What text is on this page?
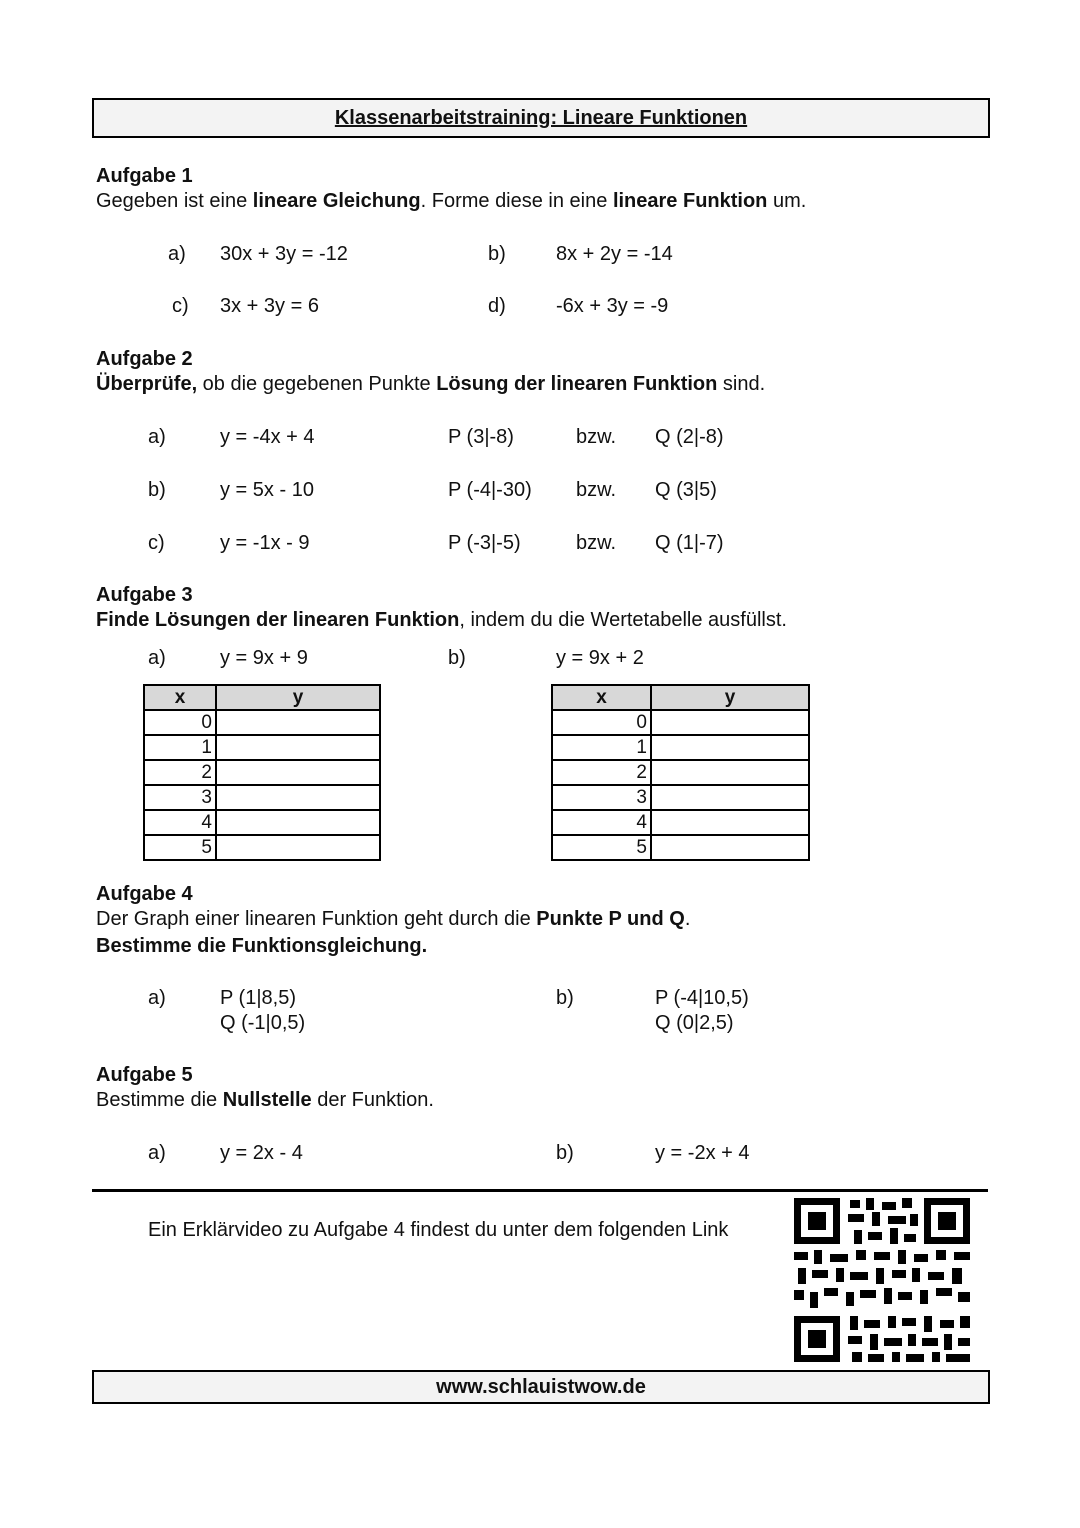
Klassenarbeitstraining: Lineare Funktionen
Aufgabe 1
Gegeben ist eine lineare Gleichung. Forme diese in eine lineare Funktion um.
a) 30x + 3y = -12	b)	8x + 2y = -14
c) 3x + 3y = 6	d)	-6x + 3y = -9
Aufgabe 2
Überprüfe, ob die gegebenen Punkte Lösung der linearen Funktion sind.
a)	y = -4x + 4	P (3|-8)	bzw. Q (2|-8)
b)	y = 5x - 10	P (-4|-30) bzw. Q (3|5)
c)	y = -1x - 9	P (-3|-5)	bzw. Q (1|-7)
Aufgabe 3
Finde Lösungen der linearen Funktion, indem du die Wertetabelle ausfüllst.
a)	y = 9x + 9	b)	y = 9x + 2
x	y
0	
1	
2	
3	
4	
5	
x	y
0	
1	
2	
3	
4	
5	
Aufgabe 4
Der Graph einer linearen Funktion geht durch die Punkte P und Q.
Bestimme die Funktionsgleichung.
a)	P (1|8,5)
Q (-1|0,5)
b)	P (-4|10,5)
Q (0|2,5)
Aufgabe 5
Bestimme die Nullstelle der Funktion.
a)	y = 2x - 4	b)	y = -2x + 4
Ein Erklärvideo zu Aufgabe 4 findest du unter dem folgenden Link
www.schlauistwow.de
